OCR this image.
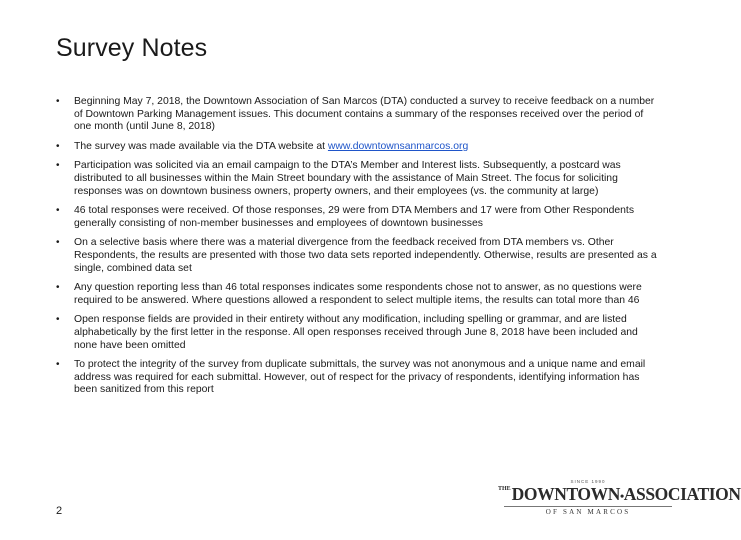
Survey Notes
• Beginning May 7, 2018, the Downtown Association of San Marcos (DTA) conducted a survey to receive feedback on a number of Downtown Parking Management issues. This document contains a summary of the responses received over the period of one month (until June 8, 2018)
• The survey was made available via the DTA website at www.downtownsanmarcos.org
• Participation was solicited via an email campaign to the DTA’s Member and Interest lists. Subsequently, a postcard was distributed to all businesses within the Main Street boundary with the assistance of Main Street. The focus for soliciting responses was on downtown business owners, property owners, and their employees (vs. the community at large)
• 46 total responses were received. Of those responses, 29 were from DTA Members and 17 were from Other Respondents generally consisting of non-member businesses and employees of downtown businesses
• On a selective basis where there was a material divergence from the feedback received from DTA members vs. Other Respondents, the results are presented with those two data sets reported independently. Otherwise, results are presented as a single, combined data set
• Any question reporting less than 46 total responses indicates some respondents chose not to answer, as no questions were required to be answered. Where questions allowed a respondent to select multiple items, the results can total more than 46
• Open response fields are provided in their entirety without any modification, including spelling or grammar, and are listed alphabetically by the first letter in the response. All open responses received through June 8, 2018 have been included and none have been omitted
• To protect the integrity of the survey from duplicate submittals, the survey was not anonymous and a unique name and email address was required for each submittal. However, out of respect for the privacy of respondents, identifying information has been sanitized from this report
2
SINCE 1990
$^{THE}$DOWNTOWN•ASSOCIATION
OF SAN MARCOS
